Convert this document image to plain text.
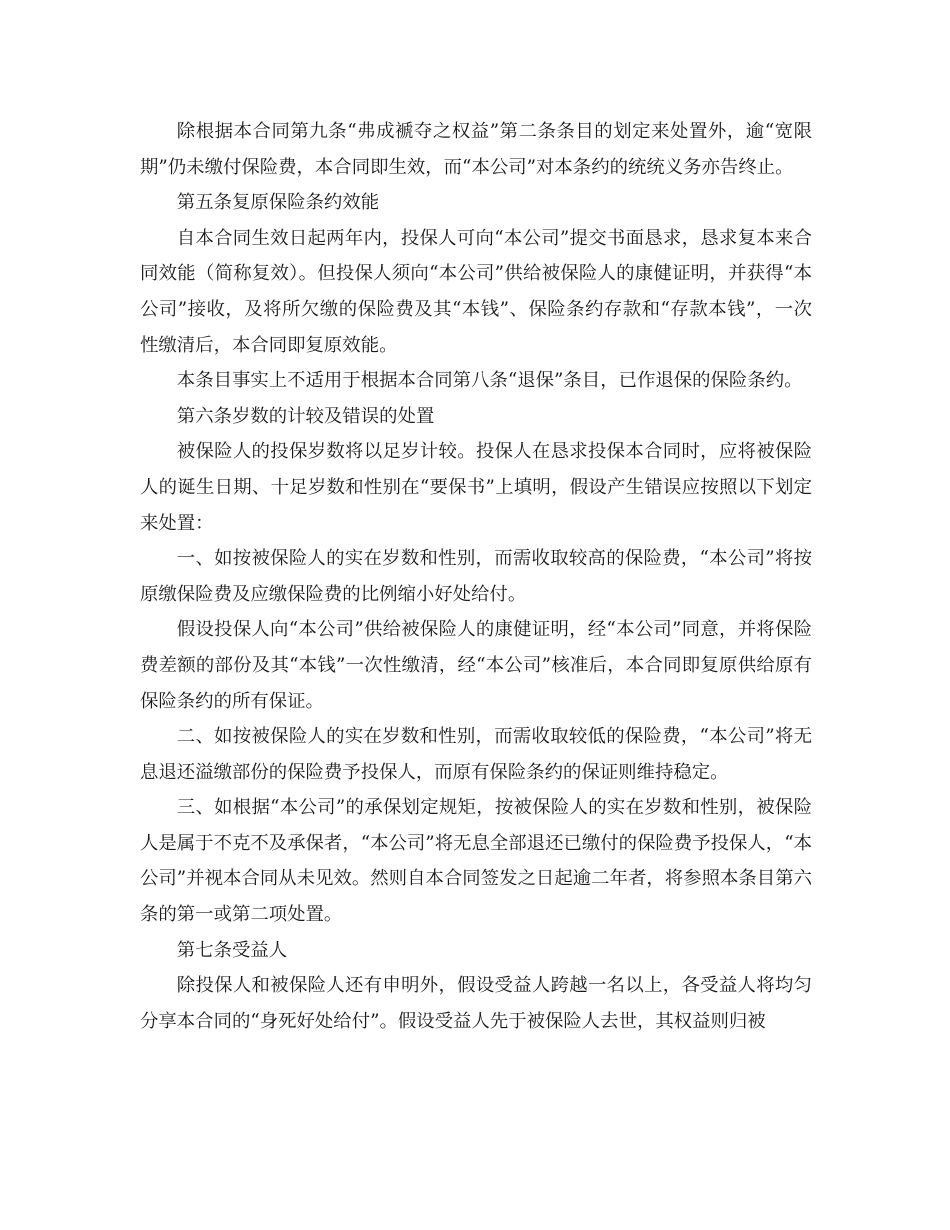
除根据本合同第九条“弗成褫夺之权益”第二条条目的划定来处置外，逾“宽限期”仍未缴付保险费，本合同即生效，而“本公司”对本条约的统统义务亦告终止。

第五条复原保险条约效能

自本合同生效日起两年内，投保人可向“本公司”提交书面恳求，恳求复本来合同效能（简称复效）。但投保人须向“本公司”供给被保险人的康健证明，并获得“本公司”接收，及将所欠缴的保险费及其“本钱”、保险条约存款和“存款本钱”，一次性缴清后，本合同即复原效能。

本条目事实上不适用于根据本合同第八条“退保”条目，已作退保的保险条约。

第六条岁数的计较及错误的处置

被保险人的投保岁数将以足岁计较。投保人在恳求投保本合同时，应将被保险人的诞生日期、十足岁数和性别在“要保书”上填明，假设产生错误应按照以下划定来处置：

一、如按被保险人的实在岁数和性别，而需收取较高的保险费，“本公司”将按原缴保险费及应缴保险费的比例缩小好处给付。

假设投保人向“本公司”供给被保险人的康健证明，经“本公司”同意，并将保险费差额的部份及其“本钱”一次性缴清，经“本公司”核准后，本合同即复原供给原有保险条约的所有保证。

二、如按被保险人的实在岁数和性别，而需收取较低的保险费，“本公司”将无息退还溢缴部份的保险费予投保人，而原有保险条约的保证则维持稳定。

三、如根据“本公司”的承保划定规矩，按被保险人的实在岁数和性别，被保险人是属于不克不及承保者，“本公司”将无息全部退还已缴付的保险费予投保人，“本公司”并视本合同从未见效。然则自本合同签发之日起逾二年者，将参照本条目第六条的第一或第二项处置。

第七条受益人

除投保人和被保险人还有申明外，假设受益人跨越一名以上，各受益人将均匀分享本合同的“身死好处给付”。假设受益人先于被保险人去世，其权益则归被
